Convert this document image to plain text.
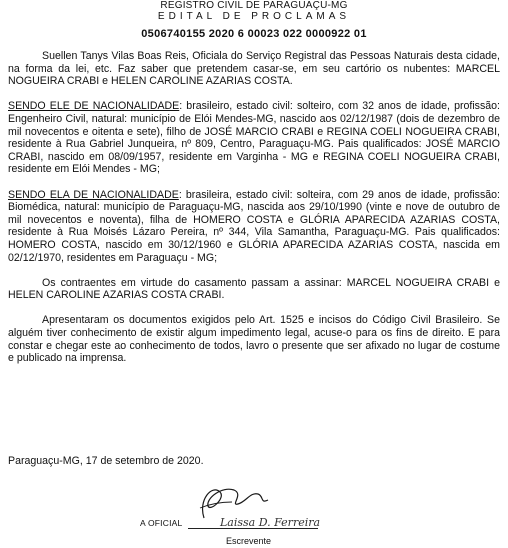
REGISTRO CIVIL DE PARAGUAÇU-MG
EDITAL DE PROCLAMAS
0506740155 2020 6 00023 022 0000922 01

Suellen Tanys Vilas Boas Reis, Oficiala do Serviço Registral das Pessoas Naturais desta cidade, na forma da lei, etc. Faz saber que pretendem casar-se, em seu cartório os nubentes: MARCEL NOGUEIRA CRABI e HELEN CAROLINE AZARIAS COSTA.

SENDO ELE DE NACIONALIDADE: brasileiro, estado civil: solteiro, com 32 anos de idade, profissão: Engenheiro Civil, natural: município de Elói Mendes-MG, nascido aos 02/12/1987 (dois de dezembro de mil novecentos e oitenta e sete), filho de JOSÉ MARCIO CRABI e REGINA COELI NOGUEIRA CRABI, residente à Rua Gabriel Junqueira, nº 809, Centro, Paraguaçu-MG. Pais qualificados: JOSÉ MARCIO CRABI, nascido em 08/09/1957, residente em Varginha - MG e REGINA COELI NOGUEIRA CRABI, residente em Elói Mendes - MG;

SENDO ELA DE NACIONALIDADE: brasileira, estado civil: solteira, com 29 anos de idade, profissão: Biomédica, natural: município de Paraguaçu-MG, nascida aos 29/10/1990 (vinte e nove de outubro de mil novecentos e noventa), filha de HOMERO COSTA e GLÓRIA APARECIDA AZARIAS COSTA, residente à Rua Moisés Lázaro Pereira, nº 344, Vila Samantha, Paraguaçu-MG. Pais qualificados: HOMERO COSTA, nascido em 30/12/1960 e GLÓRIA APARECIDA AZARIAS COSTA, nascida em 02/12/1970, residentes em Paraguaçu - MG;

Os contraentes em virtude do casamento passam a assinar: MARCEL NOGUEIRA CRABI e HELEN CAROLINE AZARIAS COSTA CRABI.

Apresentaram os documentos exigidos pelo Art. 1525 e incisos do Código Civil Brasileiro. Se alguém tiver conhecimento de existir algum impedimento legal, acuse-o para os fins de direito. E para constar e chegar este ao conhecimento de todos, lavro o presente que ser afixado no lugar de costume e publicado na imprensa.

Paraguaçu-MG, 17 de setembro de 2020.
A OFICIAL	Laissa D. Ferreira
Escrevente
